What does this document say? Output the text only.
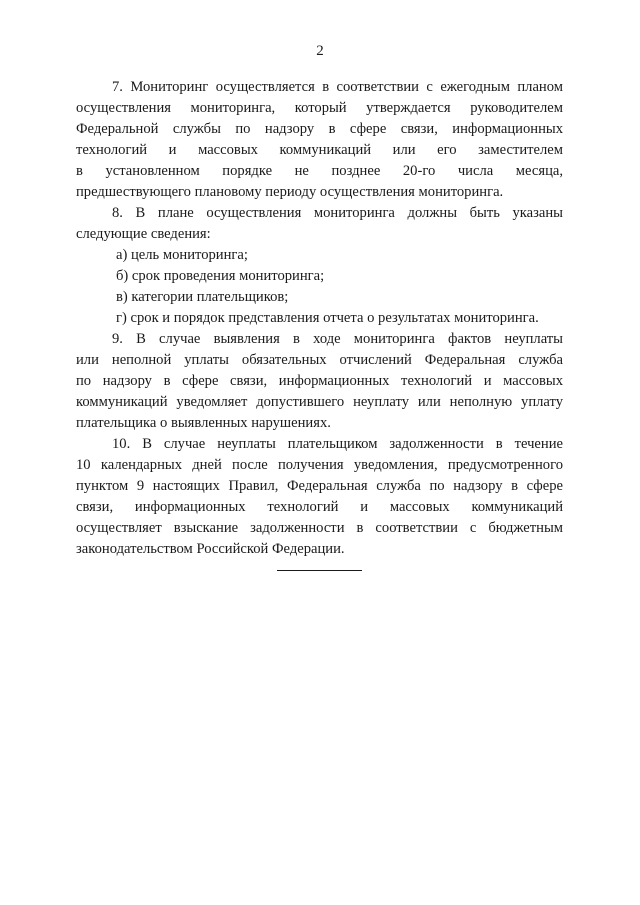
2

7. Мониторинг осуществляется в соответствии с ежегодным планом
осуществления мониторинга, который утверждается руководителем
Федеральной службы по надзору в сфере связи, информационных
технологий и массовых коммуникаций или его заместителем
в установленном порядке не позднее 20-го числа месяца,
предшествующего плановому периоду осуществления мониторинга.

8. В плане осуществления мониторинга должны быть указаны
следующие сведения:

а) цель мониторинга;

б) срок проведения мониторинга;

в) категории плательщиков;

г) срок и порядок представления отчета о результатах мониторинга.

9. В случае выявления в ходе мониторинга фактов неуплаты
или неполной уплаты обязательных отчислений Федеральная служба
по надзору в сфере связи, информационных технологий и массовых
коммуникаций уведомляет допустившего неуплату или неполную уплату
плательщика о выявленных нарушениях.

10. В случае неуплаты плательщиком задолженности в течение
10 календарных дней после получения уведомления, предусмотренного
пунктом 9 настоящих Правил, Федеральная служба по надзору в сфере
связи, информационных технологий и массовых коммуникаций
осуществляет взыскание задолженности в соответствии с бюджетным
законодательством Российской Федерации.
